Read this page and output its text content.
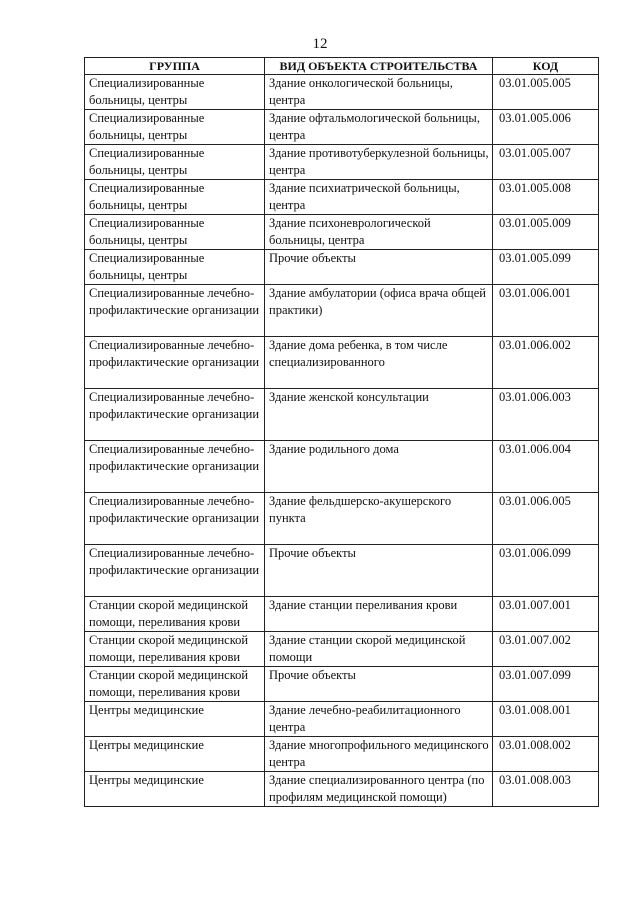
12
ГРУППА	ВИД ОБЪЕКТА СТРОИТЕЛЬСТВА	КОД
Специализированные больницы, центры	Здание онкологической больницы, центра	03.01.005.005
Специализированные больницы, центры	Здание офтальмологической больницы, центра	03.01.005.006
Специализированные больницы, центры	Здание противотуберкулезной больницы, центра	03.01.005.007
Специализированные больницы, центры	Здание психиатрической больницы, центра	03.01.005.008
Специализированные больницы, центры	Здание психоневрологической больницы, центра	03.01.005.009
Специализированные больницы, центры	Прочие объекты	03.01.005.099
Специализированные лечебно-профилактические организации	Здание амбулатории (офиса врача общей практики)	03.01.006.001
Специализированные лечебно-профилактические организации	Здание дома ребенка, в том числе специализированного	03.01.006.002
Специализированные лечебно-профилактические организации	Здание женской консультации	03.01.006.003
Специализированные лечебно-профилактические организации	Здание родильного дома	03.01.006.004
Специализированные лечебно-профилактические организации	Здание фельдшерско-акушерского пункта	03.01.006.005
Специализированные лечебно-профилактические организации	Прочие объекты	03.01.006.099
Станции скорой медицинской помощи, переливания крови	Здание станции переливания крови	03.01.007.001
Станции скорой медицинской помощи, переливания крови	Здание станции скорой медицинской помощи	03.01.007.002
Станции скорой медицинской помощи, переливания крови	Прочие объекты	03.01.007.099
Центры медицинские	Здание лечебно-реабилитационного центра	03.01.008.001
Центры медицинские	Здание многопрофильного медицинского центра	03.01.008.002
Центры медицинские	Здание специализированного центра (по профилям медицинской помощи)	03.01.008.003
